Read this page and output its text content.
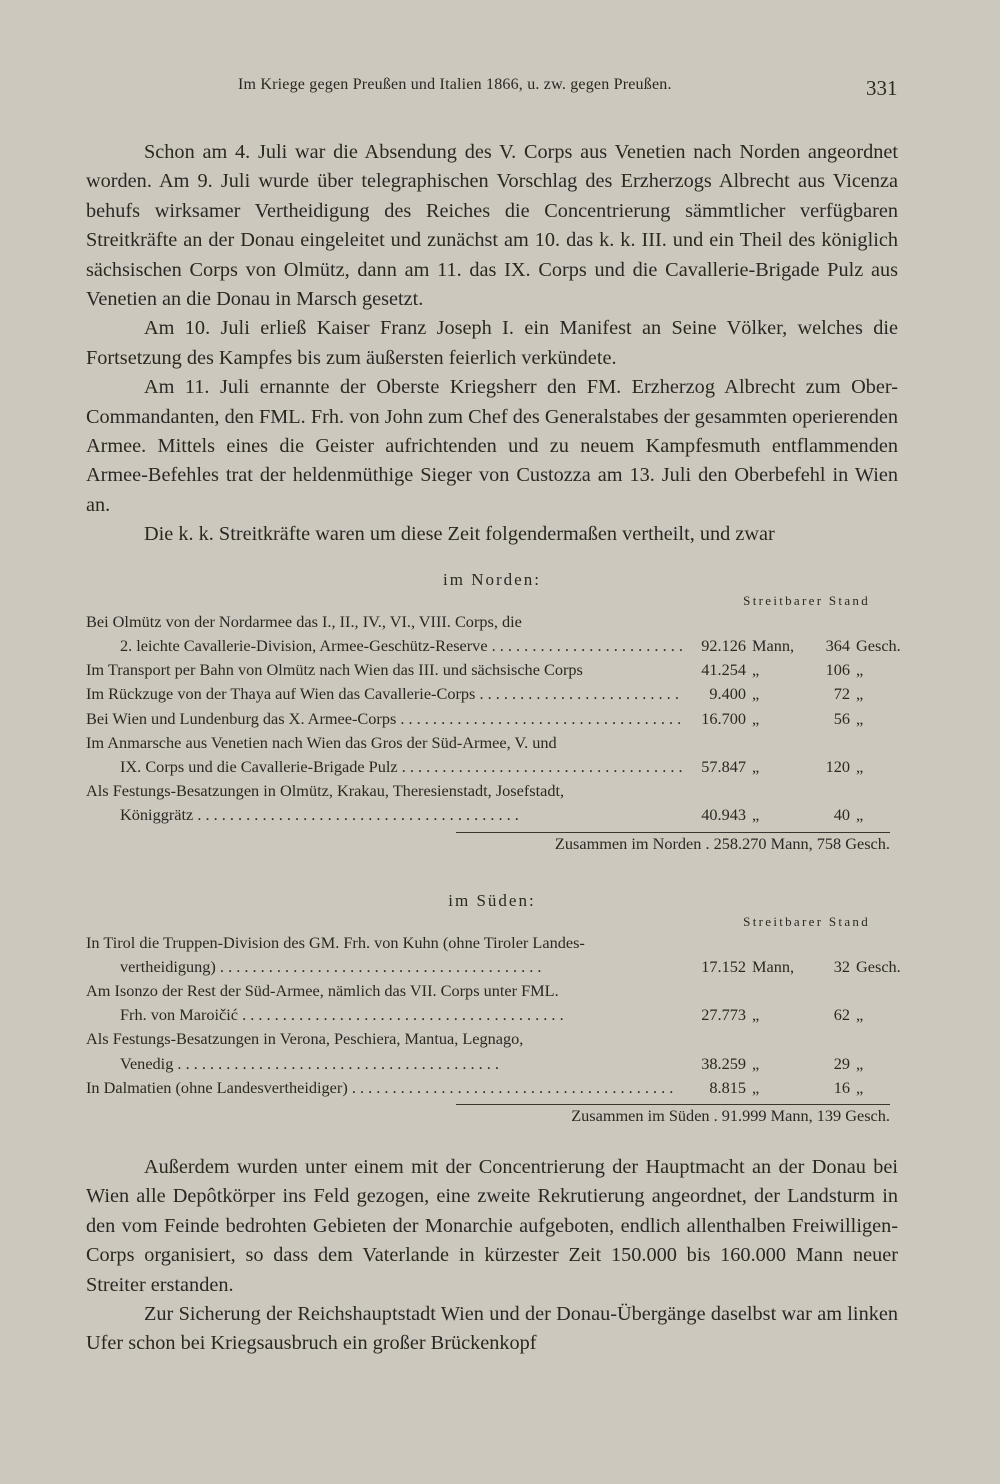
Im Kriege gegen Preußen und Italien 1866, u. zw. gegen Preußen.	331

Schon am 4. Juli war die Absendung des V. Corps aus Venetien nach Norden angeordnet worden. Am 9. Juli wurde über telegraphischen Vorschlag des Erzherzogs Albrecht aus Vicenza behufs wirksamer Vertheidigung des Reiches die Concentrierung sämmtlicher verfügbaren Streitkräfte an der Donau eingeleitet und zunächst am 10. das k. k. III. und ein Theil des königlich sächsischen Corps von Olmütz, dann am 11. das IX. Corps und die Cavallerie-Brigade Pulz aus Venetien an die Donau in Marsch gesetzt.

Am 10. Juli erließ Kaiser Franz Joseph I. ein Manifest an Seine Völker, welches die Fortsetzung des Kampfes bis zum äußersten feierlich verkündete.

Am 11. Juli ernannte der Oberste Kriegsherr den FM. Erzherzog Albrecht zum Ober-Commandanten, den FML. Frh. von John zum Chef des Generalstabes der gesammten operierenden Armee. Mittels eines die Geister aufrichtenden und zu neuem Kampfesmuth entflammenden Armee-Befehles trat der heldenmüthige Sieger von Custozza am 13. Juli den Oberbefehl in Wien an.

Die k. k. Streitkräfte waren um diese Zeit folgendermaßen vertheilt, und zwar

im Norden:
Streitbarer Stand
Bei Olmütz von der Nordarmee das I., II., IV., VI., VIII. Corps, die
2. leichte Cavallerie-Division, Armee-Geschütz-Reserve . . .	92.126 Mann,	364 Gesch.
Im Transport per Bahn von Olmütz nach Wien das III. und sächsische Corps	41.254 „	106 „
Im Rückzuge von der Thaya auf Wien das Cavallerie-Corps . . .	9.400 „	72 „
Bei Wien und Lundenburg das X. Armee-Corps . . .	16.700 „	56 „
Im Anmarsche aus Venetien nach Wien das Gros der Süd-Armee, V. und
IX. Corps und die Cavallerie-Brigade Pulz . . .	57.847 „	120 „
Als Festungs-Besatzungen in Olmütz, Krakau, Theresienstadt, Josefstadt,
Königgrätz . . .	40.943 „	40 „
Zusammen im Norden . 258.270 Mann, 758 Gesch.
im Süden:
Streitbarer Stand
In Tirol die Truppen-Division des GM. Frh. von Kuhn (ohne Tiroler Landes-
vertheidigung) . . .	17.152 Mann,	32 Gesch.
Am Isonzo der Rest der Süd-Armee, nämlich das VII. Corps unter FML.
Frh. von Maroičić . . .	27.773 „	62 „
Als Festungs-Besatzungen in Verona, Peschiera, Mantua, Legnago,
Venedig . . .	38.259 „	29 „
In Dalmatien (ohne Landesvertheidiger) . . .	8.815 „	16 „
Zusammen im Süden . 91.999 Mann, 139 Gesch.

Außerdem wurden unter einem mit der Concentrierung der Hauptmacht an der Donau bei Wien alle Depôtkörper ins Feld gezogen, eine zweite Rekrutierung angeordnet, der Landsturm in den vom Feinde bedrohten Gebieten der Monarchie aufgeboten, endlich allenthalben Freiwilligen-Corps organisiert, so dass dem Vaterlande in kürzester Zeit 150.000 bis 160.000 Mann neuer Streiter erstanden.

Zur Sicherung der Reichshauptstadt Wien und der Donau-Übergänge daselbst war am linken Ufer schon bei Kriegsausbruch ein großer Brückenkopf
